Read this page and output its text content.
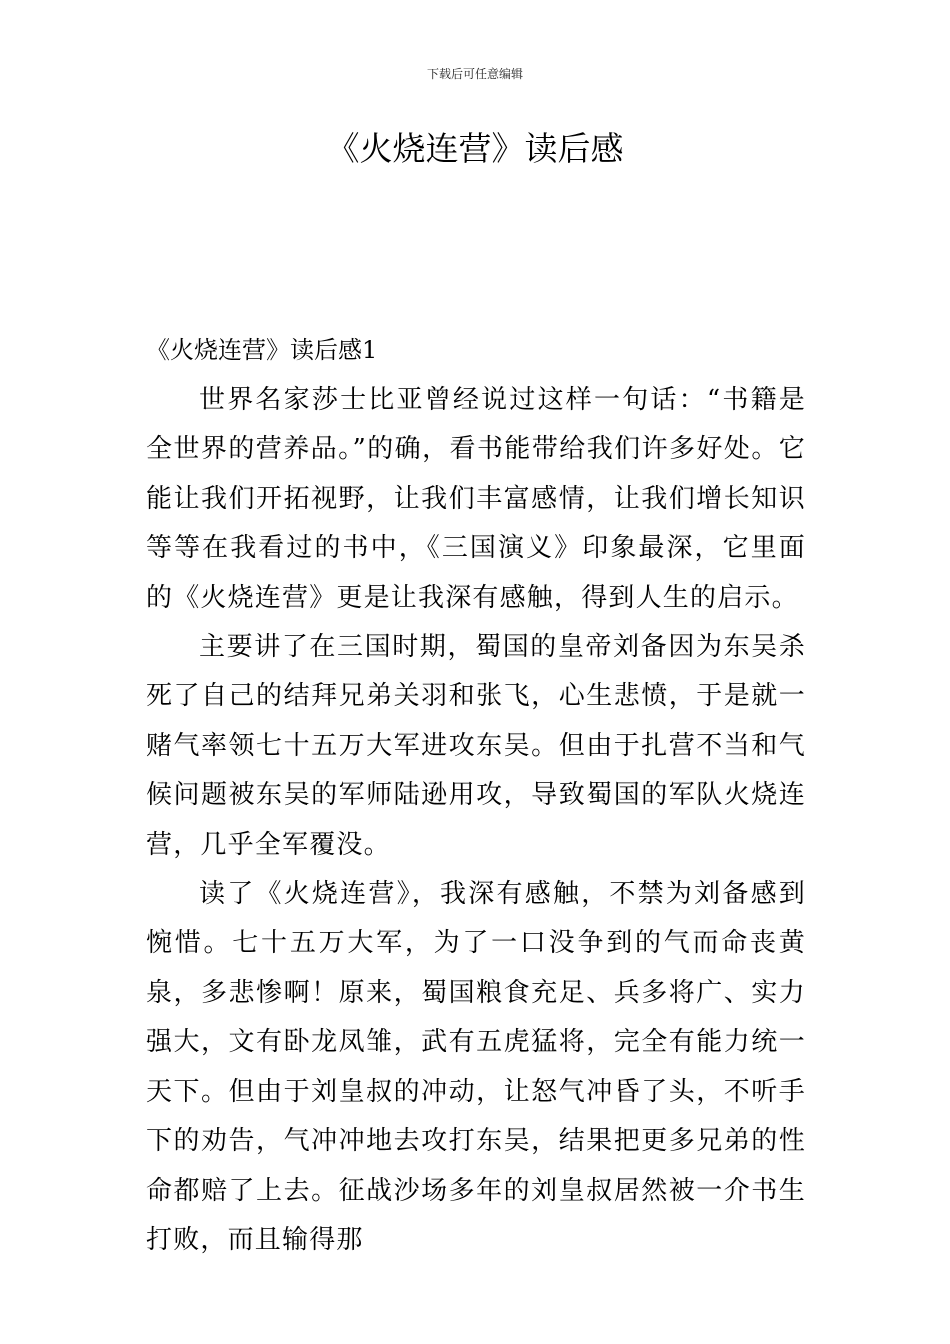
下载后可任意编辑
《火烧连营》读后感
《火烧连营》读后感1

世界名家莎士比亚曾经说过这样一句话：“书籍是全世界的营养品。”的确，看书能带给我们许多好处。它能让我们开拓视野，让我们丰富感情，让我们增长知识等等在我看过的书中，《三国演义》印象最深，它里面的《火烧连营》更是让我深有感触，得到人生的启示。

主要讲了在三国时期，蜀国的皇帝刘备因为东吴杀死了自己的结拜兄弟关羽和张飞，心生悲愤，于是就一赌气率领七十五万大军进攻东吴。但由于扎营不当和气候问题被东吴的军师陆逊用攻，导致蜀国的军队火烧连营，几乎全军覆没。

读了《火烧连营》，我深有感触，不禁为刘备感到惋惜。七十五万大军，为了一口没争到的气而命丧黄泉，多悲惨啊！原来，蜀国粮食充足、兵多将广、实力强大，文有卧龙凤雏，武有五虎猛将，完全有能力统一天下。但由于刘皇叔的冲动，让怒气冲昏了头，不听手下的劝告，气冲冲地去攻打东吴，结果把更多兄弟的性命都赔了上去。征战沙场多年的刘皇叔居然被一介书生打败，而且输得那
